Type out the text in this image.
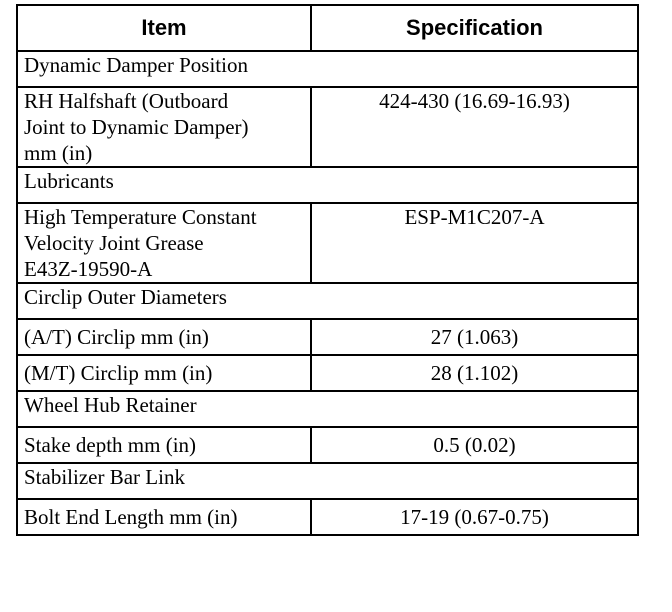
Item	Specification
Dynamic Damper Position	

RH Halfshaft (Outboard
Joint to Dynamic Damper)
mm (in)	424-430 (16.69-16.93)
Lubricants	

High Temperature Constant
Velocity Joint Grease
E43Z-19590-A	ESP-M1C207-A
Circlip Outer Diameters	
(A/T) Circlip mm (in)	27 (1.063)
(M/T) Circlip mm (in)	28 (1.102)
Wheel Hub Retainer	
Stake depth mm (in)	0.5 (0.02)
Stabilizer Bar Link	
Bolt End Length mm (in)	17-19 (0.67-0.75)
